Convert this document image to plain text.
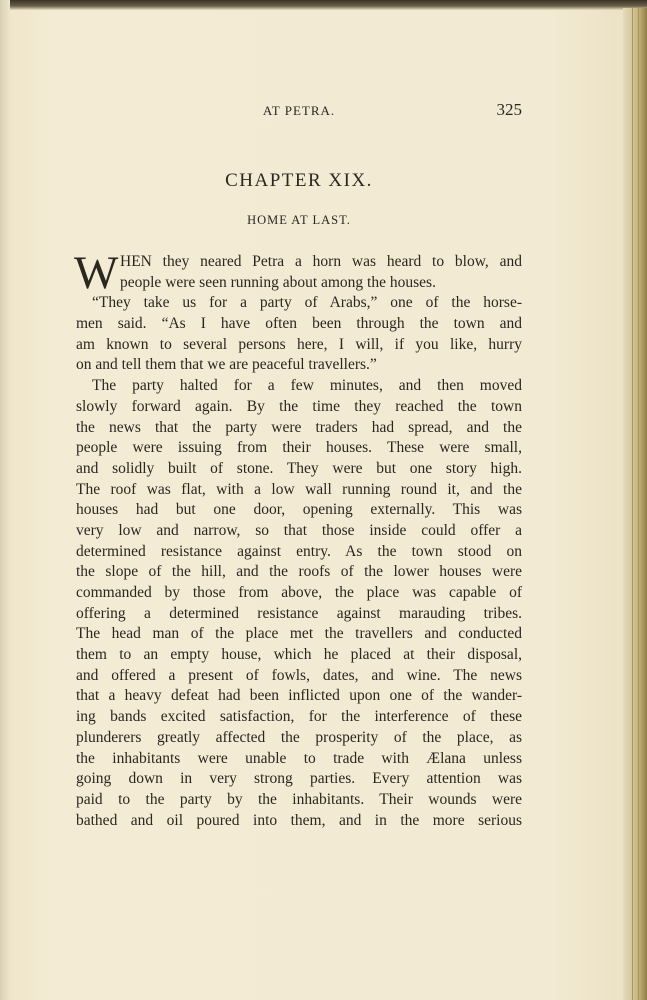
AT PETRA.	325
CHAPTER XIX.
HOME AT LAST.
W HEN they neared Petra a horn was heard to blow, and
people were seen running about among the houses.
“They take us for a party of Arabs,” one of the horse-
men said. “As I have often been through the town and
am known to several persons here, I will, if you like, hurry
on and tell them that we are peaceful travellers.”
The party halted for a few minutes, and then moved
slowly forward again. By the time they reached the town
the news that the party were traders had spread, and the
people were issuing from their houses. These were small,
and solidly built of stone. They were but one story high.
The roof was flat, with a low wall running round it, and the
houses had but one door, opening externally. This was
very low and narrow, so that those inside could offer a
determined resistance against entry. As the town stood on
the slope of the hill, and the roofs of the lower houses were
commanded by those from above, the place was capable of
offering a determined resistance against marauding tribes.
The head man of the place met the travellers and conducted
them to an empty house, which he placed at their disposal,
and offered a present of fowls, dates, and wine. The news
that a heavy defeat had been inflicted upon one of the wander-
ing bands excited satisfaction, for the interference of these
plunderers greatly affected the prosperity of the place, as
the inhabitants were unable to trade with Ælana unless
going down in very strong parties. Every attention was
paid to the party by the inhabitants. Their wounds were
bathed and oil poured into them, and in the more serious
